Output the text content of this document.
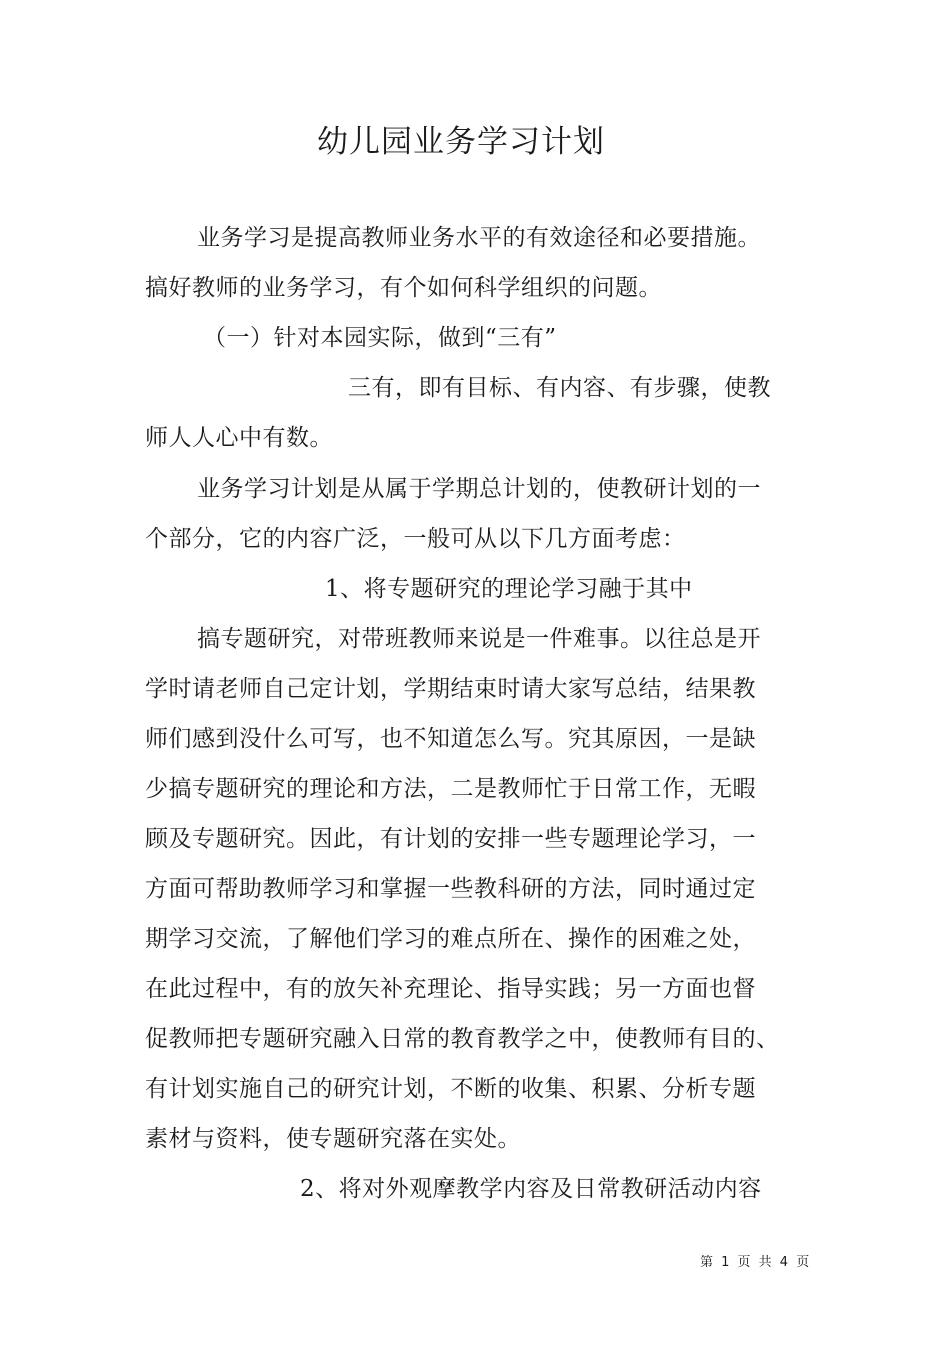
幼儿园业务学习计划
业务学习是提高教师业务水平的有效途径和必要措施。
搞好教师的业务学习，有个如何科学组织的问题。
（一）针对本园实际，做到“三有”
三有，即有目标、有内容、有步骤，使教
师人人心中有数。
业务学习计划是从属于学期总计划的，使教研计划的一
个部分，它的内容广泛，一般可从以下几方面考虑：
1、将专题研究的理论学习融于其中
搞专题研究，对带班教师来说是一件难事。以往总是开
学时请老师自己定计划，学期结束时请大家写总结，结果教
师们感到没什么可写，也不知道怎么写。究其原因，一是缺
少搞专题研究的理论和方法，二是教师忙于日常工作，无暇
顾及专题研究。因此，有计划的安排一些专题理论学习，一
方面可帮助教师学习和掌握一些教科研的方法，同时通过定
期学习交流，了解他们学习的难点所在、操作的困难之处，
在此过程中，有的放矢补充理论、指导实践；另一方面也督
促教师把专题研究融入日常的教育教学之中，使教师有目的、
有计划实施自己的研究计划，不断的收集、积累、分析专题
素材与资料，使专题研究落在实处。
2、将对外观摩教学内容及日常教研活动内容
第 1 页 共 4 页
